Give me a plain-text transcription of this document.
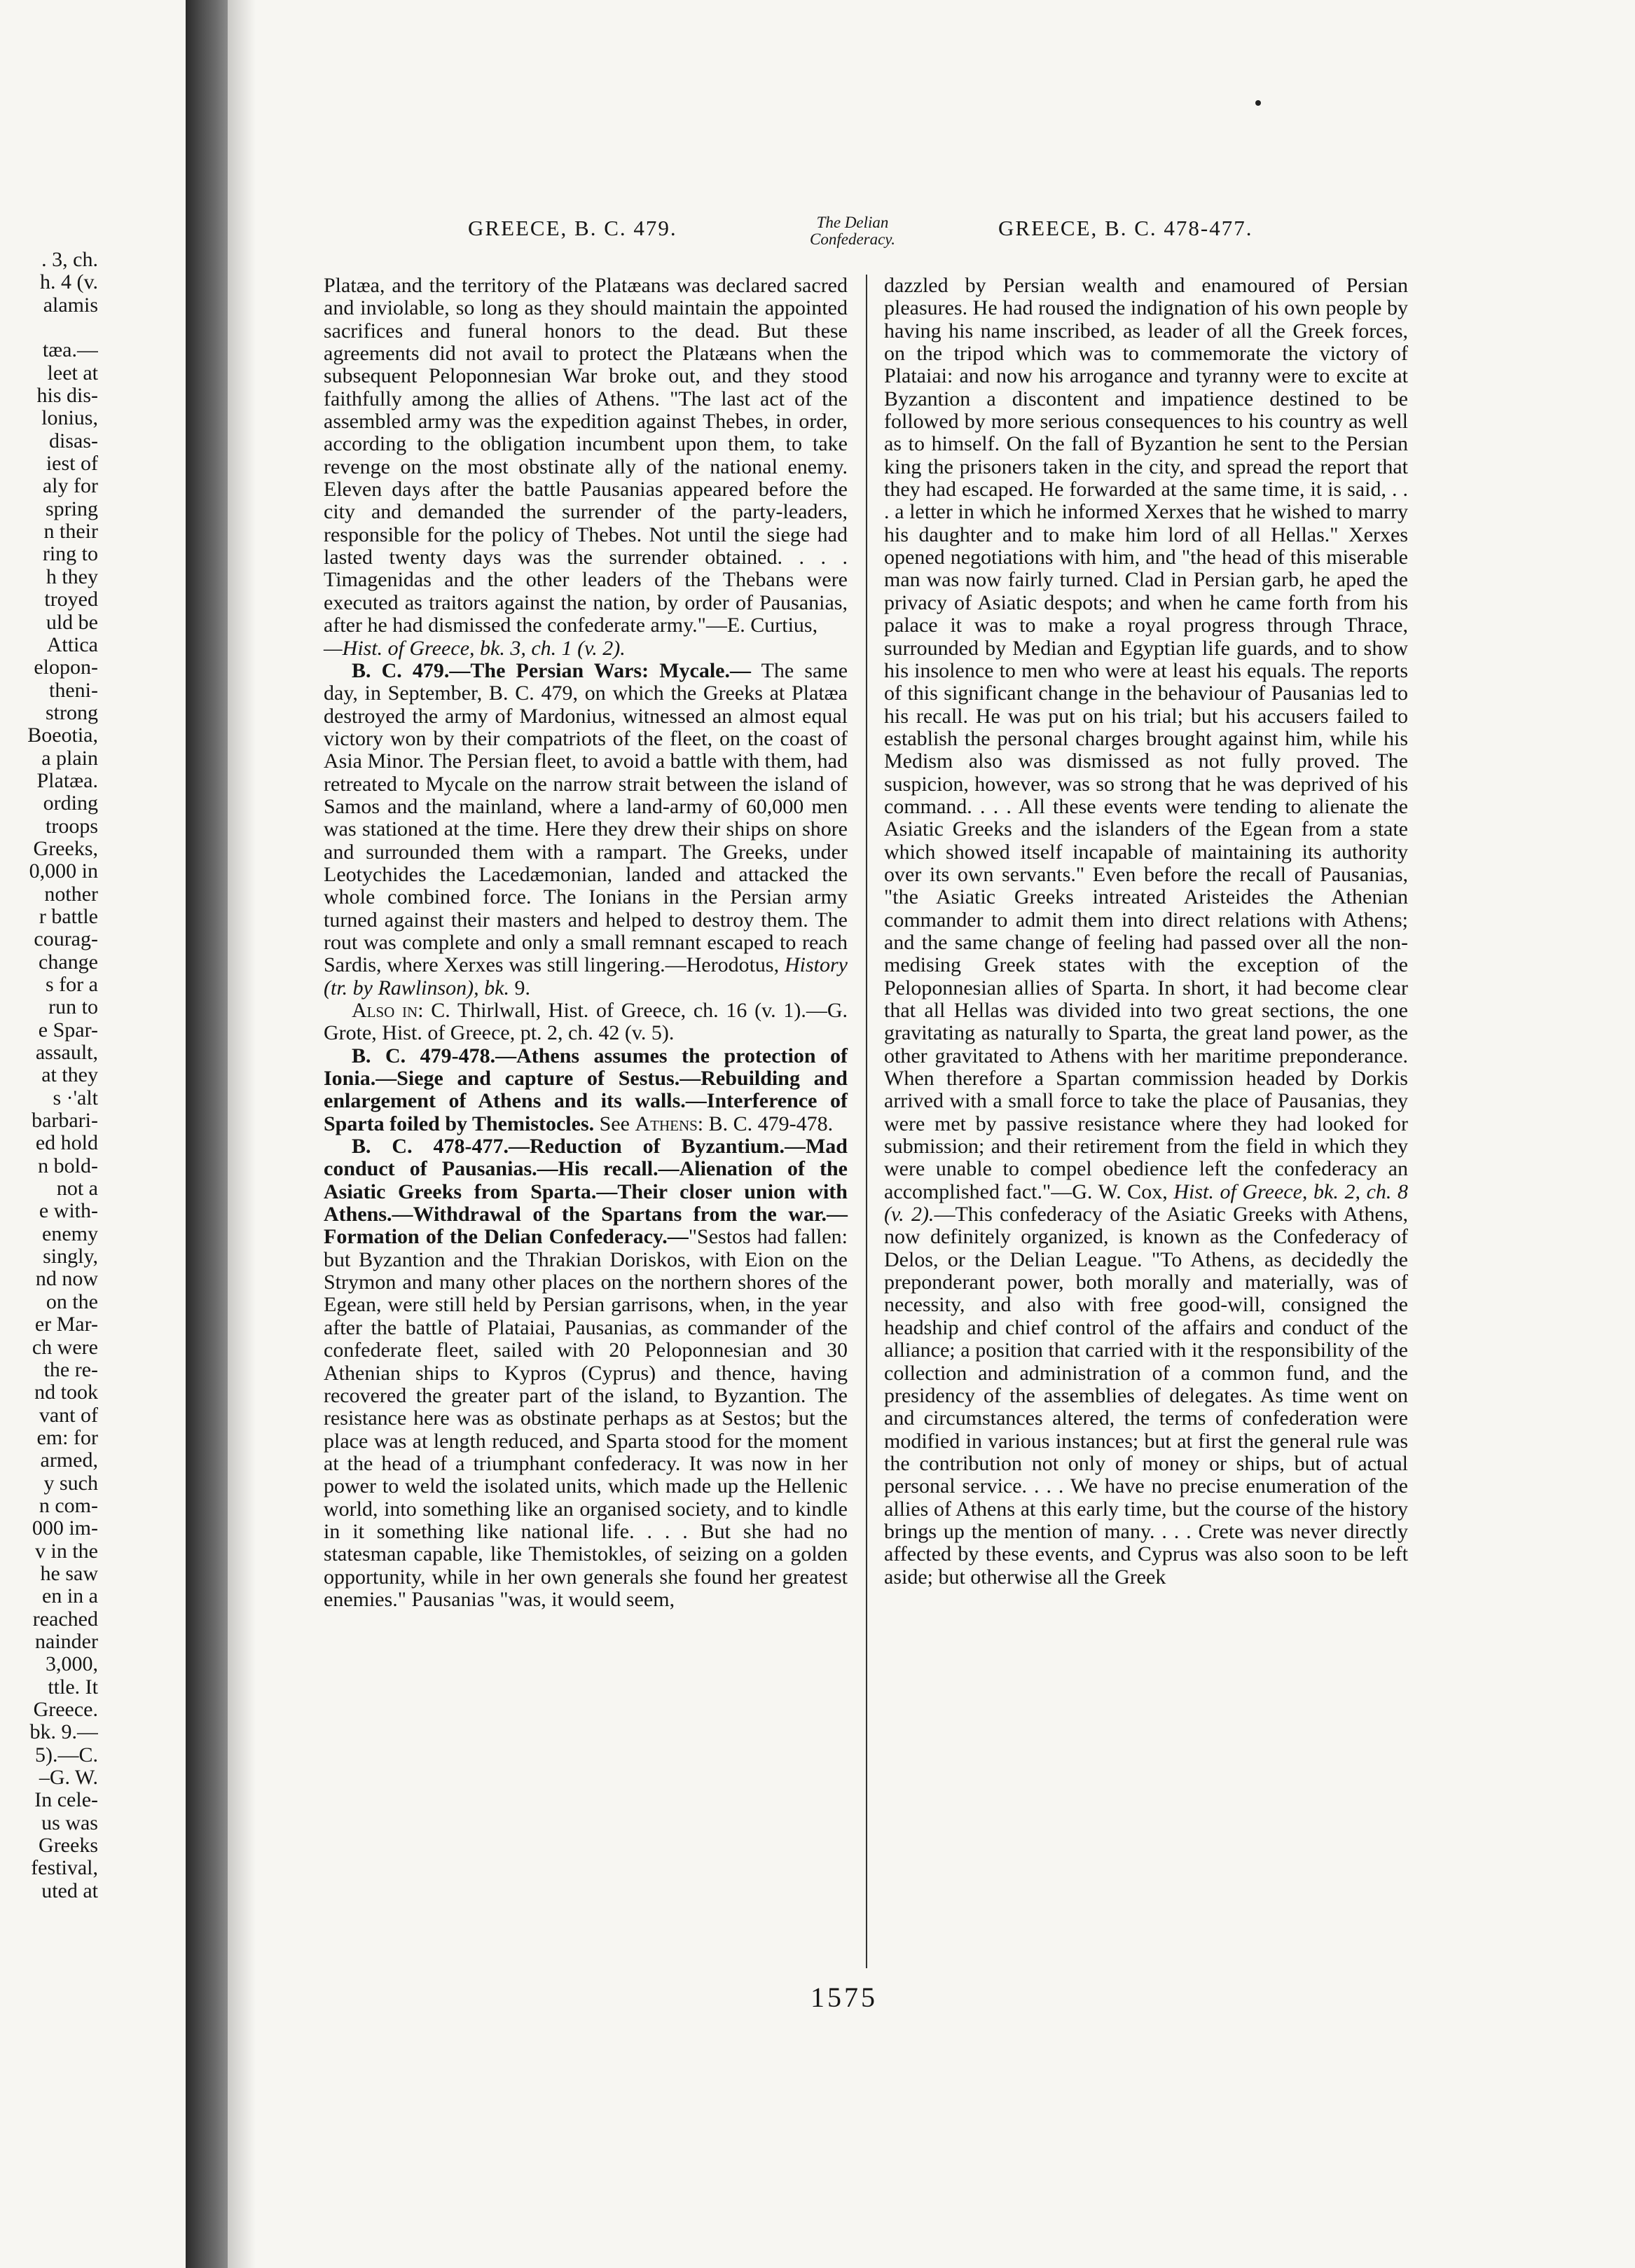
. 3, ch.
h. 4 (v.
alamis
tæa.—
leet at
his dis-
lonius,
disas-
iest of
aly for
spring
n their
ring to
h they
troyed
uld be
Attica
elopon-
theni-
strong
Boeotia,
a plain
Platæa.
ording
troops
Greeks,
0,000 in
nother
r battle
courag-
change
s for a
run to
e Spar-
assault,
at they
s ·'alt
barbari-
ed hold
n bold-
not a
e with-
enemy
singly,
nd now
on the
er Mar-
ch were
the re-
nd took
vant of
em: for
armed,
y such
n com-
000 im-
v in the
he saw
en in a
reached
nainder
3,000,
ttle. It
Greece.
bk. 9.—
5).—C.
–G. W.
In cele-
us was
Greeks
festival,
uted at
GREECE, B. C. 479.	The Delian
Confederacy.	GREECE, B. C. 478-477.

Platæa, and the territory of the Platæans was declared sacred and inviolable, so long as they should maintain the appointed sacrifices and funeral honors to the dead. But these agreements did not avail to protect the Platæans when the subsequent Peloponnesian War broke out, and they stood faithfully among the allies of Athens. "The last act of the assembled army was the expedition against Thebes, in order, according to the obligation incumbent upon them, to take revenge on the most obstinate ally of the national enemy. Eleven days after the battle Pausanias appeared before the city and demanded the surrender of the party-leaders, responsible for the policy of Thebes. Not until the siege had lasted twenty days was the surrender obtained. . . . Timagenidas and the other leaders of the Thebans were executed as traitors against the nation, by order of Pausanias, after he had dismissed the confederate army."—E. Curtius,
—Hist. of Greece, bk. 3, ch. 1 (v. 2).

B. C. 479.—The Persian Wars: Mycale.— The same day, in September, B. C. 479, on which the Greeks at Platæa destroyed the army of Mardonius, witnessed an almost equal victory won by their compatriots of the fleet, on the coast of Asia Minor. The Persian fleet, to avoid a battle with them, had retreated to Mycale on the narrow strait between the island of Samos and the mainland, where a land-army of 60,000 men was stationed at the time. Here they drew their ships on shore and surrounded them with a rampart. The Greeks, under Leotychides the Lacedæmonian, landed and attacked the whole combined force. The Ionians in the Persian army turned against their masters and helped to destroy them. The rout was complete and only a small remnant escaped to reach Sardis, where Xerxes was still lingering.—Herodotus, History (tr. by Rawlinson), bk. 9.

Also in: C. Thirlwall, Hist. of Greece, ch. 16 (v. 1).—G. Grote, Hist. of Greece, pt. 2, ch. 42 (v. 5).

B. C. 479-478.—Athens assumes the protection of Ionia.—Siege and capture of Sestus.—Rebuilding and enlargement of Athens and its walls.—Interference of Sparta foiled by Themistocles. See Athens: B. C. 479-478.

B. C. 478-477.—Reduction of Byzantium.—Mad conduct of Pausanias.—His recall.—Alienation of the Asiatic Greeks from Sparta.—Their closer union with Athens.—Withdrawal of the Spartans from the war.—Formation of the Delian Confederacy.—"Sestos had fallen: but Byzantion and the Thrakian Doriskos, with Eion on the Strymon and many other places on the northern shores of the Egean, were still held by Persian garrisons, when, in the year after the battle of Plataiai, Pausanias, as commander of the confederate fleet, sailed with 20 Peloponnesian and 30 Athenian ships to Kypros (Cyprus) and thence, having recovered the greater part of the island, to Byzantion. The resistance here was as obstinate perhaps as at Sestos; but the place was at length reduced, and Sparta stood for the moment at the head of a triumphant confederacy. It was now in her power to weld the isolated units, which made up the Hellenic world, into something like an organised society, and to kindle in it something like national life. . . . But she had no statesman capable, like Themistokles, of seizing on a golden opportunity, while in her own generals she found her greatest enemies." Pausanias "was, it would seem,

dazzled by Persian wealth and enamoured of Persian pleasures. He had roused the indignation of his own people by having his name inscribed, as leader of all the Greek forces, on the tripod which was to commemorate the victory of Plataiai: and now his arrogance and tyranny were to excite at Byzantion a discontent and impatience destined to be followed by more serious consequences to his country as well as to himself. On the fall of Byzantion he sent to the Persian king the prisoners taken in the city, and spread the report that they had escaped. He forwarded at the same time, it is said, . . . a letter in which he informed Xerxes that he wished to marry his daughter and to make him lord of all Hellas." Xerxes opened negotiations with him, and "the head of this miserable man was now fairly turned. Clad in Persian garb, he aped the privacy of Asiatic despots; and when he came forth from his palace it was to make a royal progress through Thrace, surrounded by Median and Egyptian life guards, and to show his insolence to men who were at least his equals. The reports of this significant change in the behaviour of Pausanias led to his recall. He was put on his trial; but his accusers failed to establish the personal charges brought against him, while his Medism also was dismissed as not fully proved. The suspicion, however, was so strong that he was deprived of his command. . . . All these events were tending to alienate the Asiatic Greeks and the islanders of the Egean from a state which showed itself incapable of maintaining its authority over its own servants." Even before the recall of Pausanias, "the Asiatic Greeks intreated Aristeides the Athenian commander to admit them into direct relations with Athens; and the same change of feeling had passed over all the non-medising Greek states with the exception of the Peloponnesian allies of Sparta. In short, it had become clear that all Hellas was divided into two great sections, the one gravitating as naturally to Sparta, the great land power, as the other gravitated to Athens with her maritime preponderance. When therefore a Spartan commission headed by Dorkis arrived with a small force to take the place of Pausanias, they were met by passive resistance where they had looked for submission; and their retirement from the field in which they were unable to compel obedience left the confederacy an accomplished fact."—G. W. Cox, Hist. of Greece, bk. 2, ch. 8 (v. 2).—This confederacy of the Asiatic Greeks with Athens, now definitely organized, is known as the Confederacy of Delos, or the Delian League. "To Athens, as decidedly the preponderant power, both morally and materially, was of necessity, and also with free good-will, consigned the headship and chief control of the affairs and conduct of the alliance; a position that carried with it the responsibility of the collection and administration of a common fund, and the presidency of the assemblies of delegates. As time went on and circumstances altered, the terms of confederation were modified in various instances; but at first the general rule was the contribution not only of money or ships, but of actual personal service. . . . We have no precise enumeration of the allies of Athens at this early time, but the course of the history brings up the mention of many. . . . Crete was never directly affected by these events, and Cyprus was also soon to be left aside; but otherwise all the Greek

1575
